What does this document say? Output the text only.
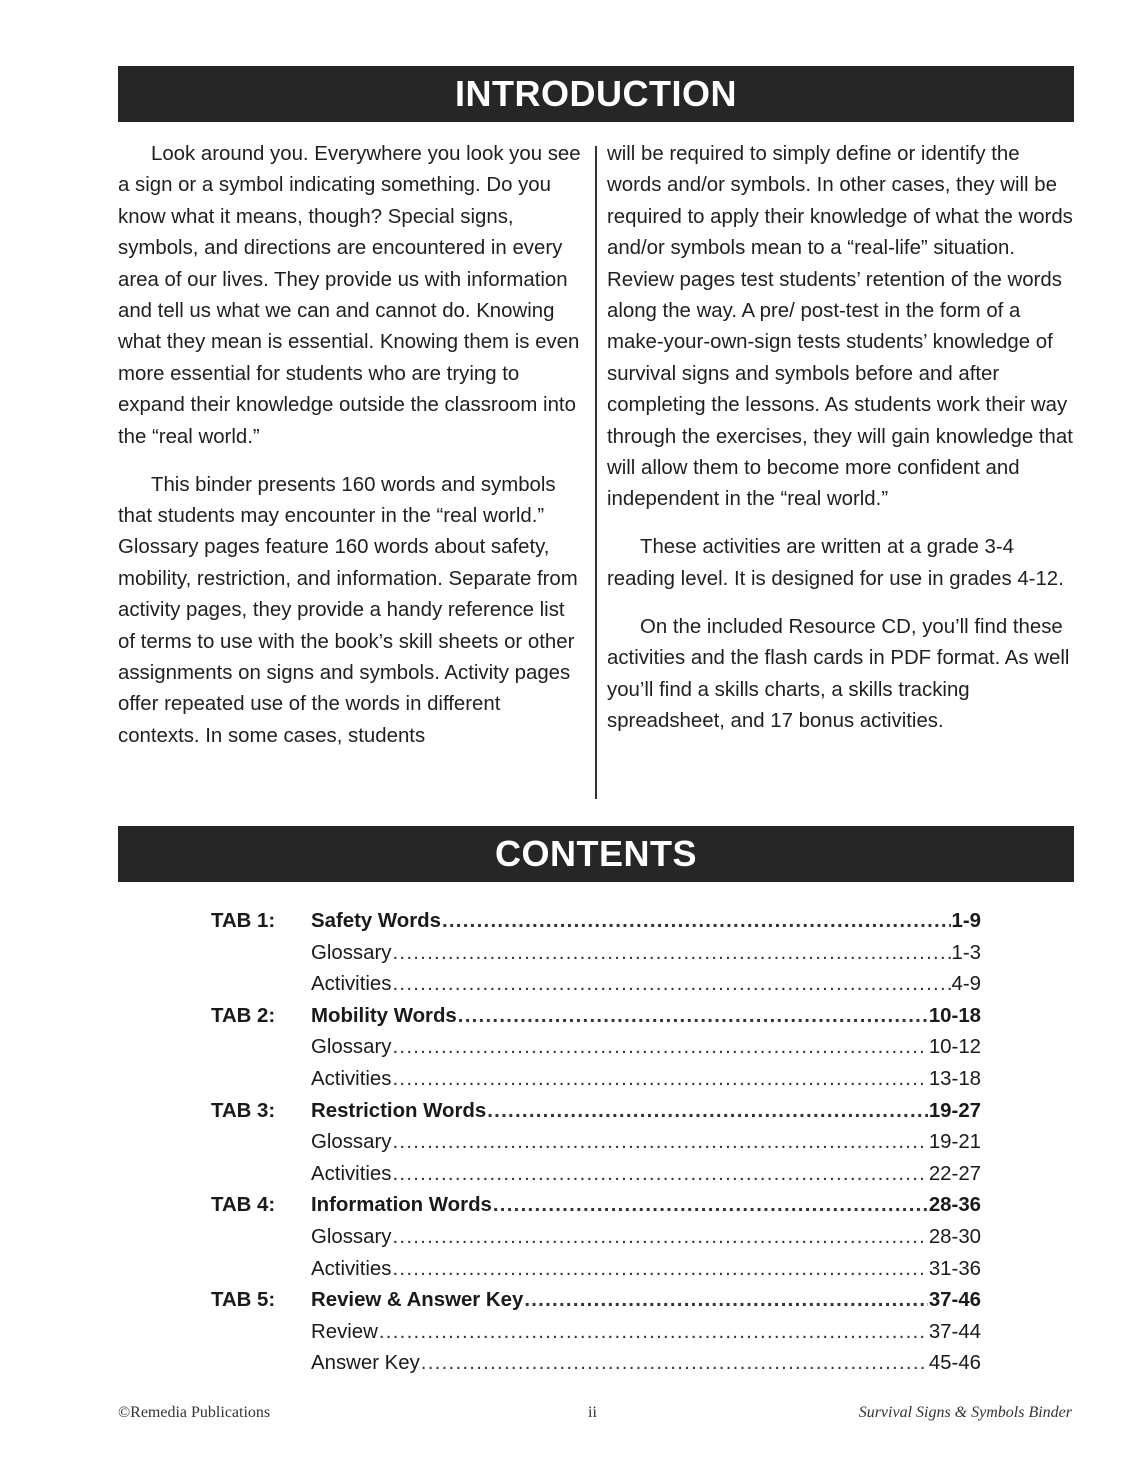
INTRODUCTION

Look around you. Everywhere you look you see a sign or a symbol indicating something. Do you know what it means, though? Special signs, symbols, and directions are encountered in every area of our lives. They provide us with information and tell us what we can and cannot do. Knowing what they mean is essential. Knowing them is even more essential for students who are trying to expand their knowledge outside the classroom into the “real world.”

This binder presents 160 words and symbols that students may encounter in the “real world.” Glossary pages feature 160 words about safety, mobility, restriction, and information. Separate from activity pages, they provide a handy reference list of terms to use with the book’s skill sheets or other assignments on signs and symbols. Activity pages offer repeated use of the words in different contexts. In some cases, students

will be required to simply define or identify the words and/or symbols. In other cases, they will be required to apply their knowledge of what the words and/or symbols mean to a “real-life” situation. Review pages test students’ retention of the words along the way. A pre/ post-test in the form of a make-your-own-sign tests students’ knowledge of survival signs and symbols before and after completing the lessons. As students work their way through the exercises, they will gain knowledge that will allow them to become more confident and independent in the “real world.”

These activities are written at a grade 3-4 reading level. It is designed for use in grades 4-12.

On the included Resource CD, you’ll find these activities and the flash cards in PDF format. As well you’ll find a skills charts, a skills tracking spreadsheet, and 17 bonus activities.

CONTENTS
TAB 1: Safety Words . . .	1-9
Glossary . . .	1-3
Activities . . .	4-9
TAB 2: Mobility Words . . .	10-18
Glossary . . .	10-12
Activities . . .	13-18
TAB 3: Restriction Words . . .	19-27
Glossary . . .	19-21
Activities . . .	22-27
TAB 4: Information Words . . .	28-36
Glossary . . .	28-30
Activities . . .	31-36
TAB 5: Review & Answer Key . . .	37-46
Review . . .	37-44
Answer Key . . .	45-46
©Remedia Publications	ii	Survival Signs & Symbols Binder
